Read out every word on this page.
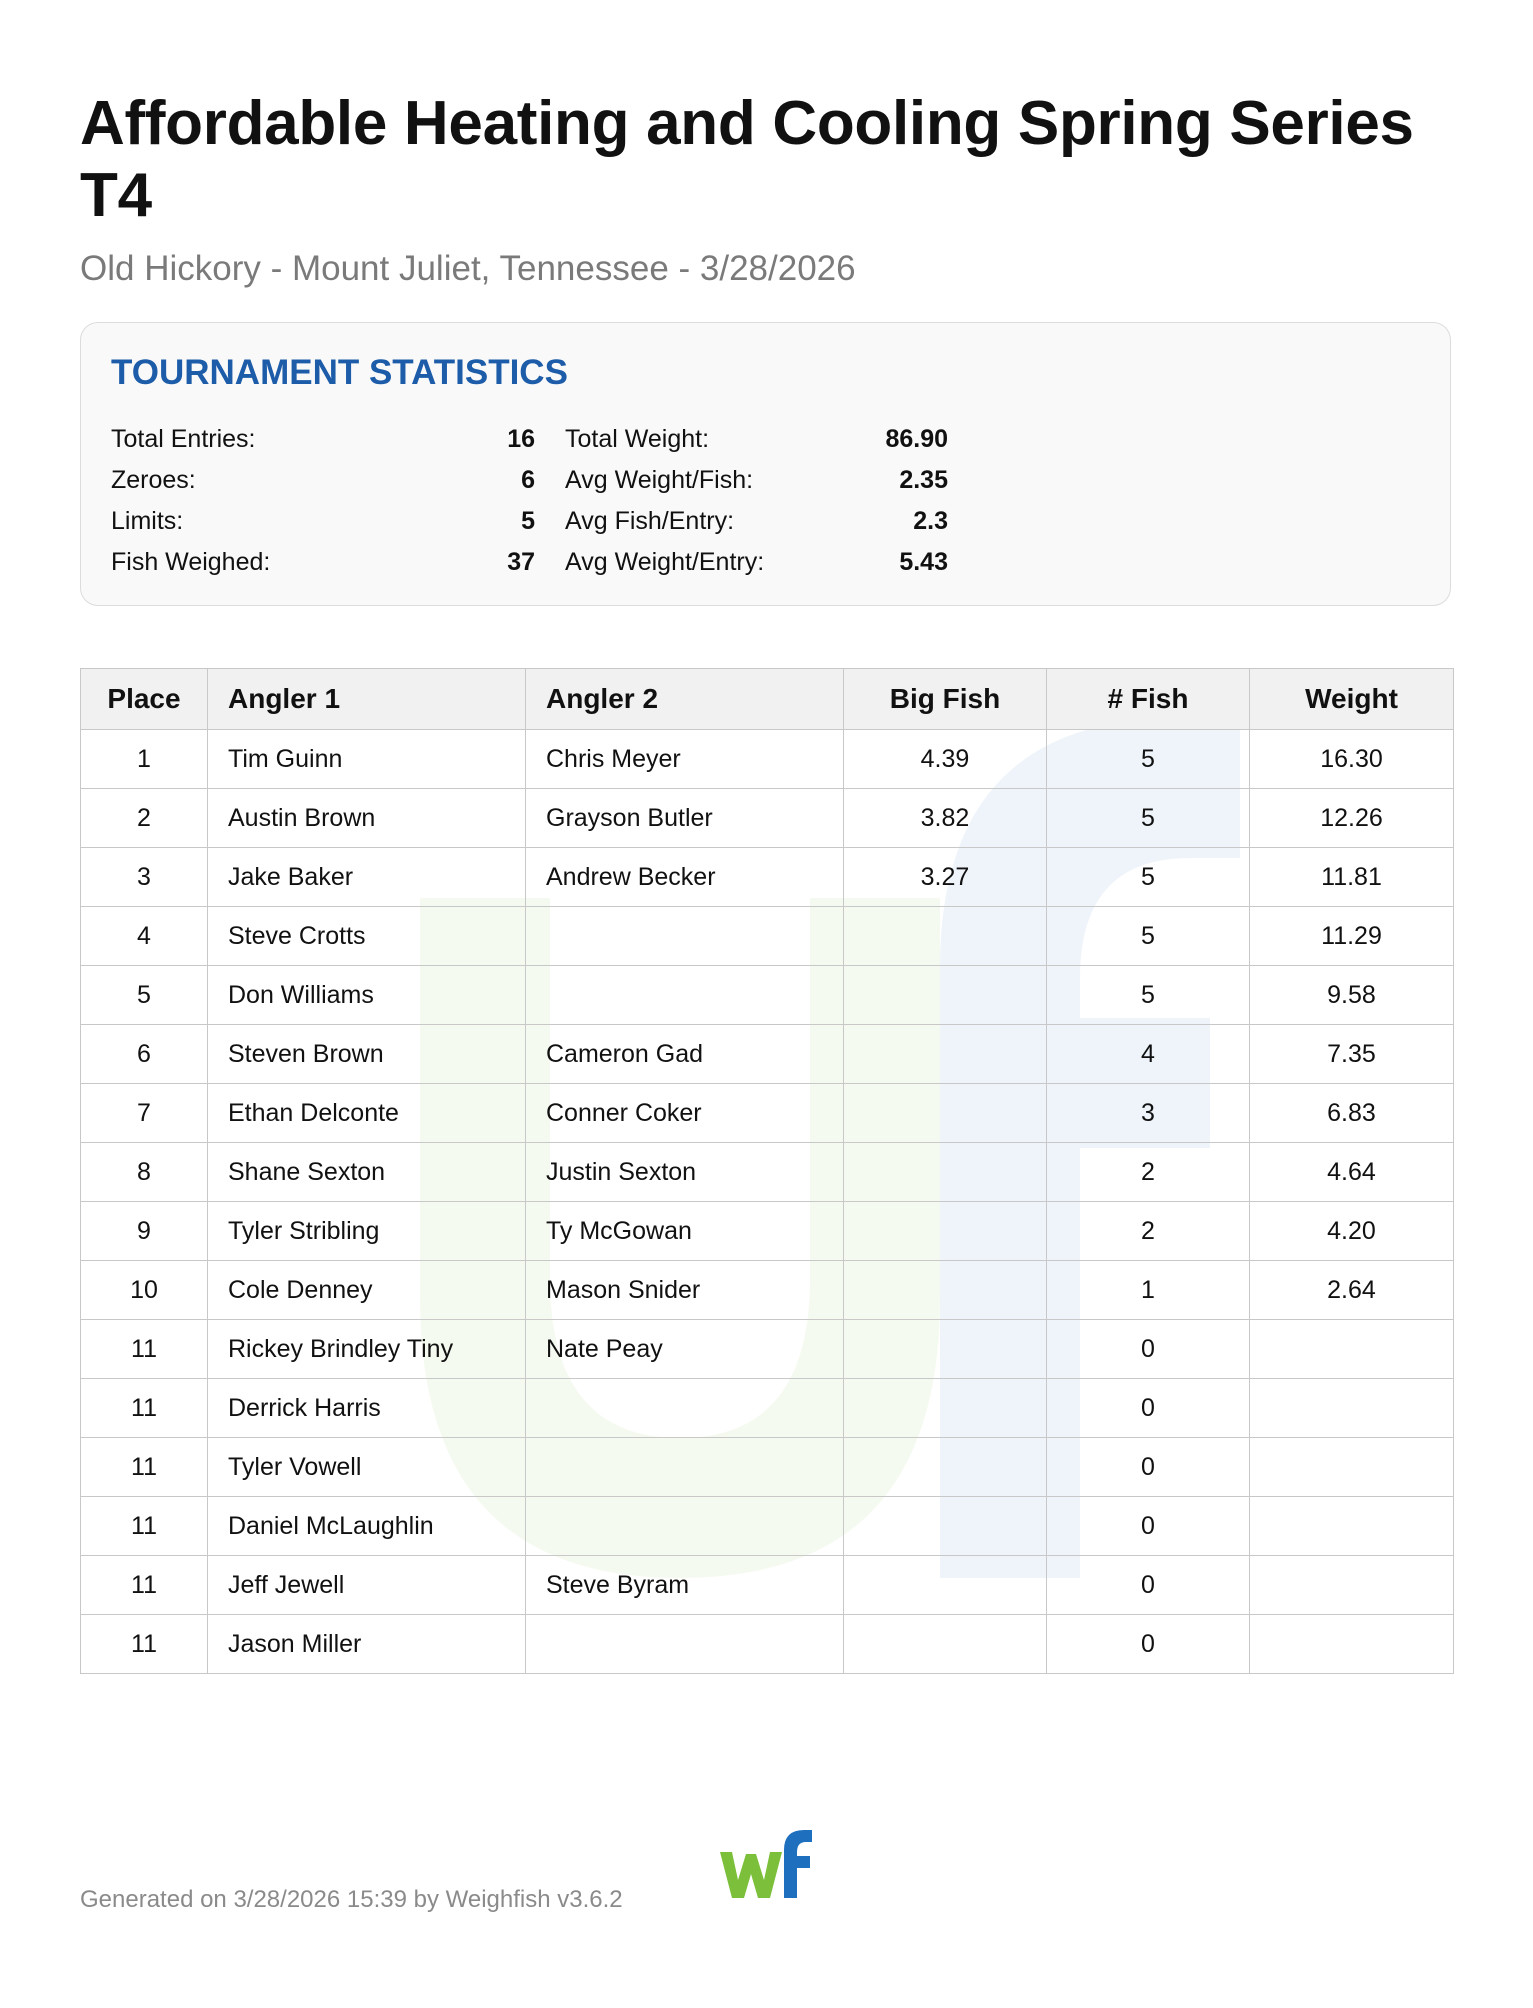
Affordable Heating and Cooling Spring Series T4
Old Hickory - Mount Juliet, Tennessee - 3/28/2026
TOURNAMENT STATISTICS
Total Entries:	16 Total Weight:	86.90
Zeroes:	6 Avg Weight/Fish:	2.35
Limits:	5 Avg Fish/Entry:	2.3
Fish Weighed:	37 Avg Weight/Entry:	5.43
Place	Angler 1	Angler 2	Big Fish	# Fish	Weight
1	Tim Guinn	Chris Meyer	4.39	5	16.30
2	Austin Brown	Grayson Butler	3.82	5	12.26
3	Jake Baker	Andrew Becker	3.27	5	11.81
4	Steve Crotts			5	11.29
5	Don Williams			5	9.58
6	Steven Brown	Cameron Gad		4	7.35
7	Ethan Delconte	Conner Coker		3	6.83
8	Shane Sexton	Justin Sexton		2	4.64
9	Tyler Stribling	Ty McGowan		2	4.20
10	Cole Denney	Mason Snider		1	2.64
11	Rickey Brindley Tiny	Nate Peay		0	
11	Derrick Harris			0	
11	Tyler Vowell			0	
11	Daniel McLaughlin			0	
11	Jeff Jewell	Steve Byram		0	
11	Jason Miller			0	
Generated on 3/28/2026 15:39 by Weighfish v3.6.2
